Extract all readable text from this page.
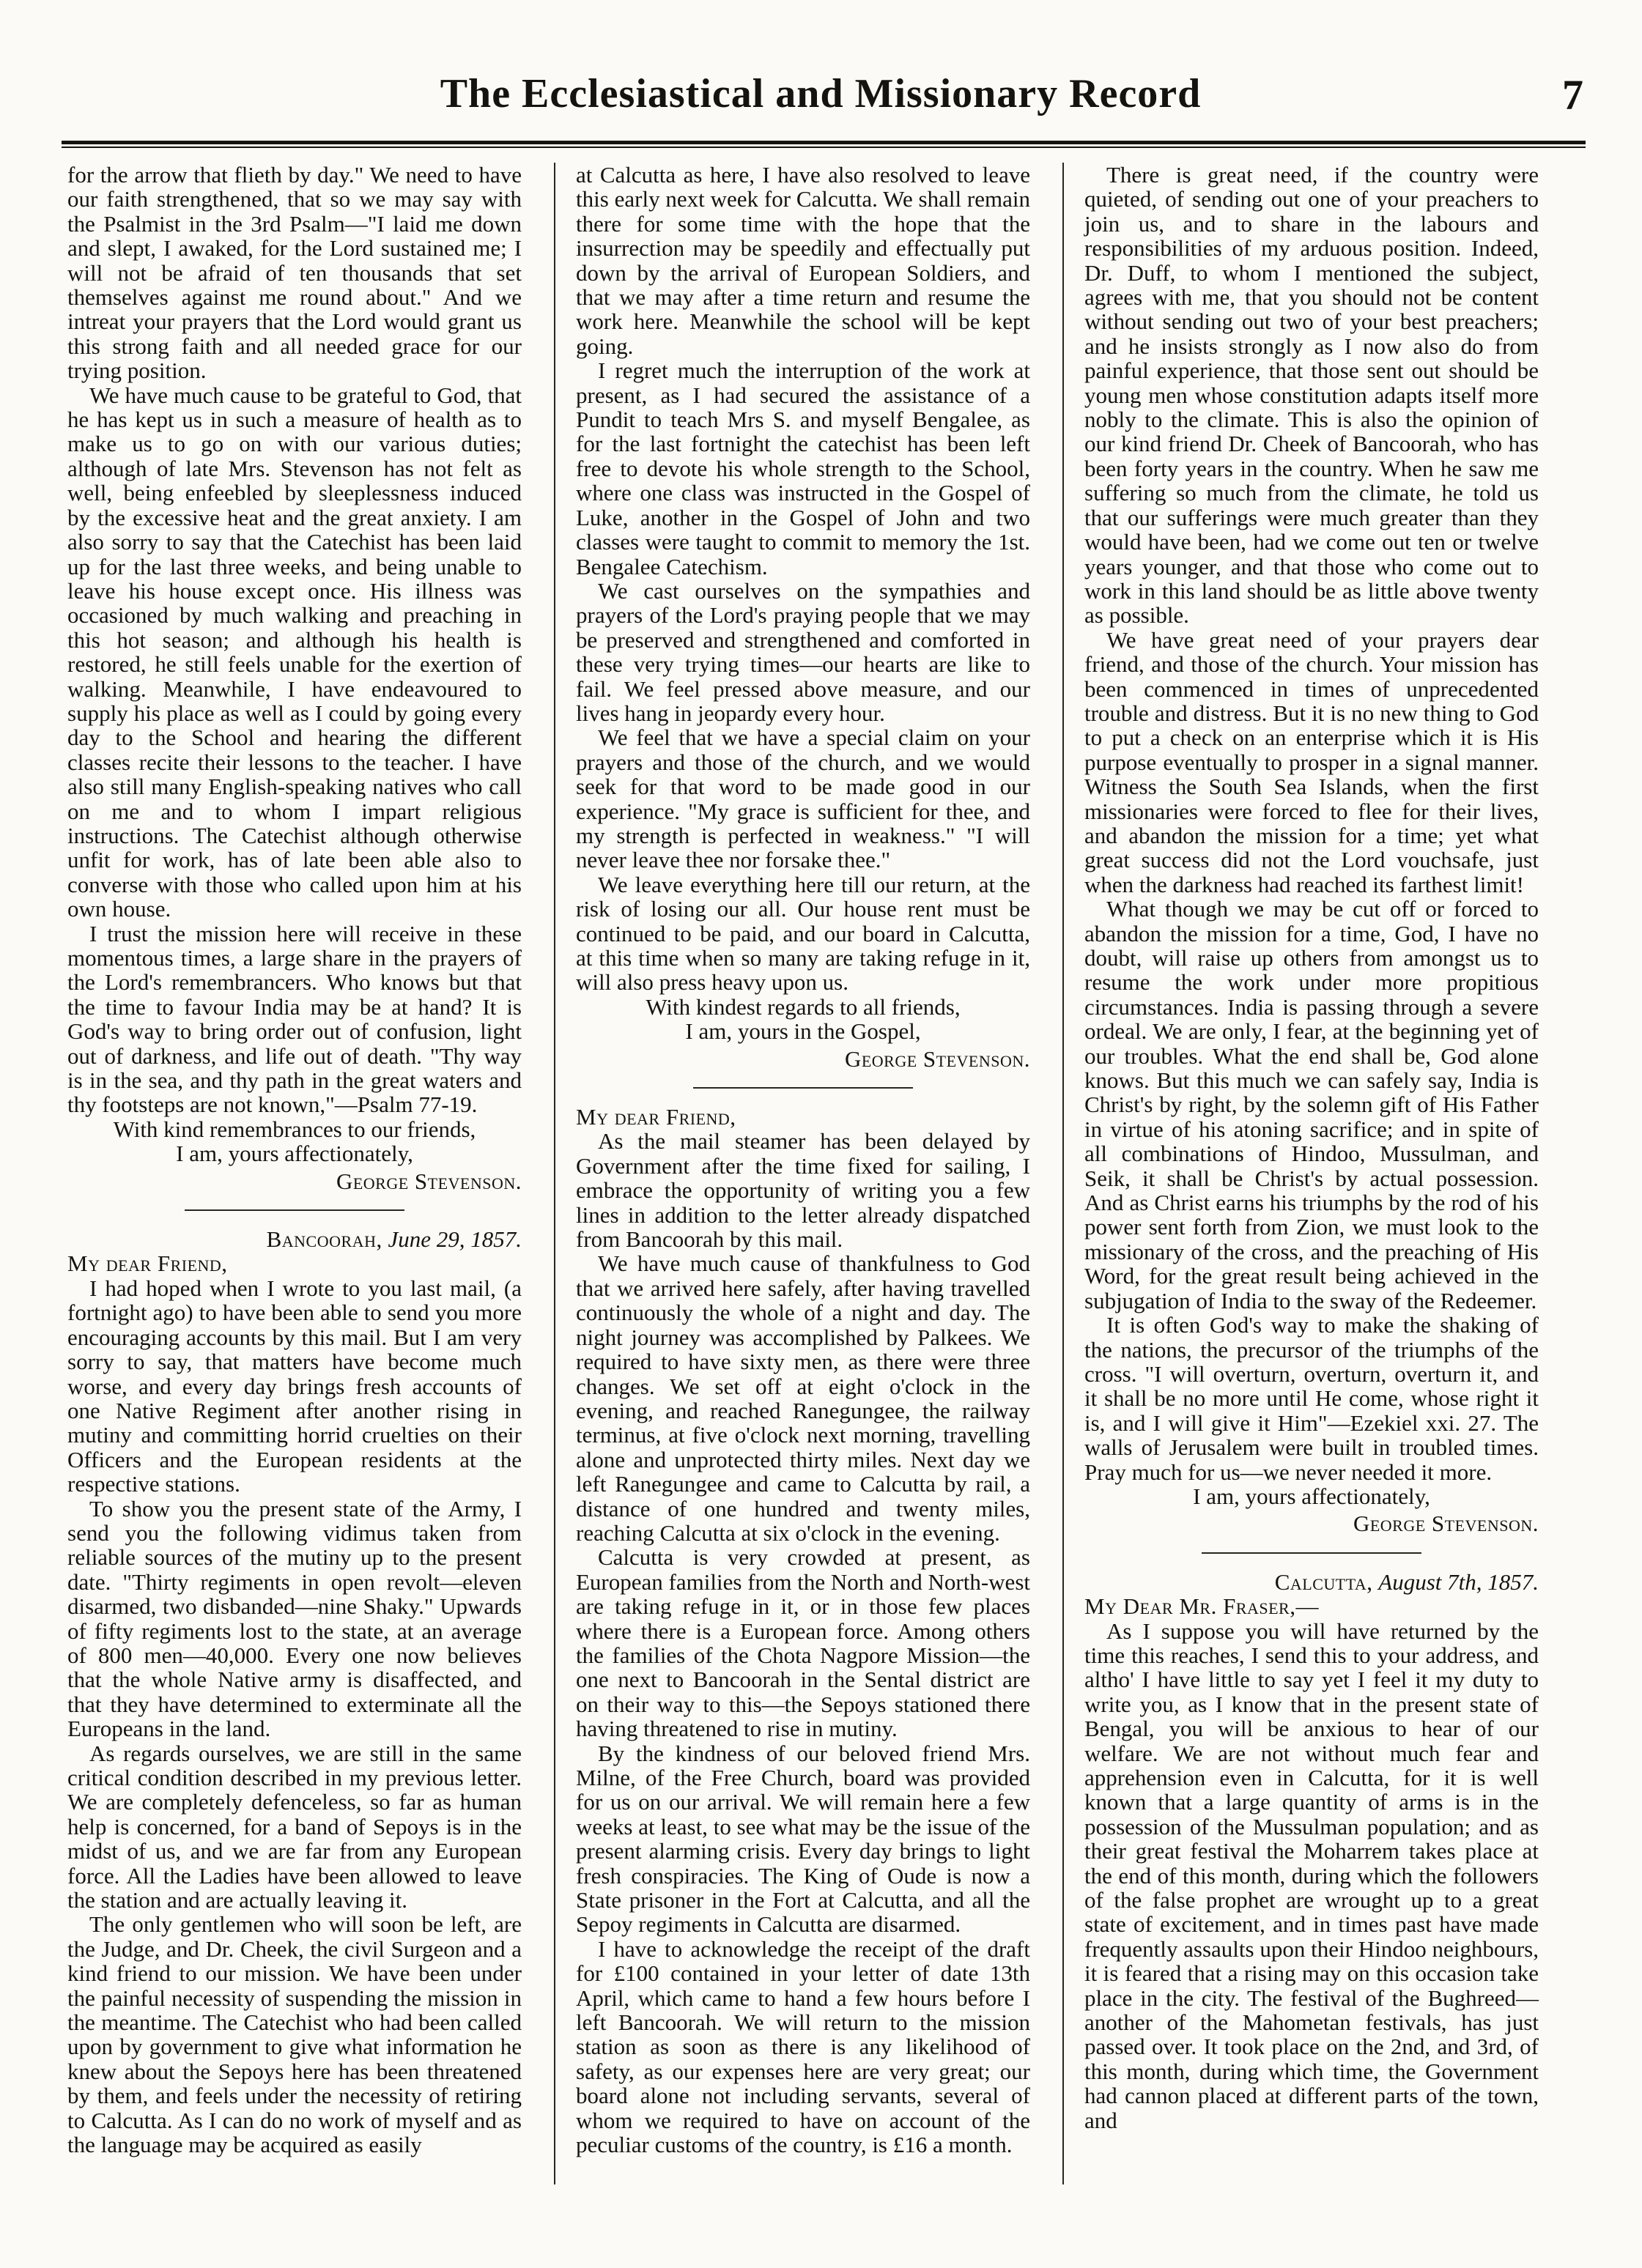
The Ecclesiastical and Missionary Record	7

for the arrow that flieth by day." We need to have our faith strengthened, that so we may say with the Psalmist in the 3rd Psalm—"I laid me down and slept, I awaked, for the Lord sustained me; I will not be afraid of ten thousands that set themselves against me round about." And we intreat your prayers that the Lord would grant us this strong faith and all needed grace for our trying position.

We have much cause to be grateful to God, that he has kept us in such a measure of health as to make us to go on with our various duties; although of late Mrs. Stevenson has not felt as well, being enfeebled by sleeplessness induced by the excessive heat and the great anxiety. I am also sorry to say that the Catechist has been laid up for the last three weeks, and being unable to leave his house except once. His illness was occasioned by much walking and preaching in this hot season; and although his health is restored, he still feels unable for the exertion of walking. Meanwhile, I have endeavoured to supply his place as well as I could by going every day to the School and hearing the different classes recite their lessons to the teacher. I have also still many English-speaking natives who call on me and to whom I impart religious instructions. The Catechist although otherwise unfit for work, has of late been able also to converse with those who called upon him at his own house.

I trust the mission here will receive in these momentous times, a large share in the prayers of the Lord's remembrancers. Who knows but that the time to favour India may be at hand? It is God's way to bring order out of confusion, light out of darkness, and life out of death. "Thy way is in the sea, and thy path in the great waters and thy footsteps are not known,"—Psalm 77-19.

With kind remembrances to our friends,

I am, yours affectionately,

George Stevenson.

Bancoorah, June 29, 1857.

My dear Friend,

I had hoped when I wrote to you last mail, (a fortnight ago) to have been able to send you more encouraging accounts by this mail. But I am very sorry to say, that matters have become much worse, and every day brings fresh accounts of one Native Regiment after another rising in mutiny and committing horrid cruelties on their Officers and the European residents at the respective stations.

To show you the present state of the Army, I send you the following vidimus taken from reliable sources of the mutiny up to the present date. "Thirty regiments in open revolt—eleven disarmed, two disbanded—nine Shaky." Upwards of fifty regiments lost to the state, at an average of 800 men—40,000. Every one now believes that the whole Native army is disaffected, and that they have determined to exterminate all the Europeans in the land.

As regards ourselves, we are still in the same critical condition described in my previous letter. We are completely defenceless, so far as human help is concerned, for a band of Sepoys is in the midst of us, and we are far from any European force. All the Ladies have been allowed to leave the station and are actually leaving it.

The only gentlemen who will soon be left, are the Judge, and Dr. Cheek, the civil Surgeon and a kind friend to our mission. We have been under the painful necessity of suspending the mission in the meantime. The Catechist who had been called upon by government to give what information he knew about the Sepoys here has been threatened by them, and feels under the necessity of retiring to Calcutta. As I can do no work of myself and as the language may be acquired as easily

at Calcutta as here, I have also resolved to leave this early next week for Calcutta. We shall remain there for some time with the hope that the insurrection may be speedily and effectually put down by the arrival of European Soldiers, and that we may after a time return and resume the work here. Meanwhile the school will be kept going.

I regret much the interruption of the work at present, as I had secured the assistance of a Pundit to teach Mrs S. and myself Bengalee, as for the last fortnight the catechist has been left free to devote his whole strength to the School, where one class was instructed in the Gospel of Luke, another in the Gospel of John and two classes were taught to commit to memory the 1st. Bengalee Catechism.

We cast ourselves on the sympathies and prayers of the Lord's praying people that we may be preserved and strengthened and comforted in these very trying times—our hearts are like to fail. We feel pressed above measure, and our lives hang in jeopardy every hour.

We feel that we have a special claim on your prayers and those of the church, and we would seek for that word to be made good in our experience. "My grace is sufficient for thee, and my strength is perfected in weakness." "I will never leave thee nor forsake thee."

We leave everything here till our return, at the risk of losing our all. Our house rent must be continued to be paid, and our board in Calcutta, at this time when so many are taking refuge in it, will also press heavy upon us.

With kindest regards to all friends,

I am, yours in the Gospel,

George Stevenson.

My dear Friend,

As the mail steamer has been delayed by Government after the time fixed for sailing, I embrace the opportunity of writing you a few lines in addition to the letter already dispatched from Bancoorah by this mail.

We have much cause of thankfulness to God that we arrived here safely, after having travelled continuously the whole of a night and day. The night journey was accomplished by Palkees. We required to have sixty men, as there were three changes. We set off at eight o'clock in the evening, and reached Ranegungee, the railway terminus, at five o'clock next morning, travelling alone and unprotected thirty miles. Next day we left Ranegungee and came to Calcutta by rail, a distance of one hundred and twenty miles, reaching Calcutta at six o'clock in the evening.

Calcutta is very crowded at present, as European families from the North and North-west are taking refuge in it, or in those few places where there is a European force. Among others the families of the Chota Nagpore Mission—the one next to Bancoorah in the Sental district are on their way to this—the Sepoys stationed there having threatened to rise in mutiny.

By the kindness of our beloved friend Mrs. Milne, of the Free Church, board was provided for us on our arrival. We will remain here a few weeks at least, to see what may be the issue of the present alarming crisis. Every day brings to light fresh conspiracies. The King of Oude is now a State prisoner in the Fort at Calcutta, and all the Sepoy regiments in Calcutta are disarmed.

I have to acknowledge the receipt of the draft for £100 contained in your letter of date 13th April, which came to hand a few hours before I left Bancoorah. We will return to the mission station as soon as there is any likelihood of safety, as our expenses here are very great; our board alone not including servants, several of whom we required to have on account of the peculiar customs of the country, is £16 a month.

There is great need, if the country were quieted, of sending out one of your preachers to join us, and to share in the labours and responsibilities of my arduous position. Indeed, Dr. Duff, to whom I mentioned the subject, agrees with me, that you should not be content without sending out two of your best preachers; and he insists strongly as I now also do from painful experience, that those sent out should be young men whose constitution adapts itself more nobly to the climate. This is also the opinion of our kind friend Dr. Cheek of Bancoorah, who has been forty years in the country. When he saw me suffering so much from the climate, he told us that our sufferings were much greater than they would have been, had we come out ten or twelve years younger, and that those who come out to work in this land should be as little above twenty as possible.

We have great need of your prayers dear friend, and those of the church. Your mission has been commenced in times of unprecedented trouble and distress. But it is no new thing to God to put a check on an enterprise which it is His purpose eventually to prosper in a signal manner. Witness the South Sea Islands, when the first missionaries were forced to flee for their lives, and abandon the mission for a time; yet what great success did not the Lord vouchsafe, just when the darkness had reached its farthest limit!

What though we may be cut off or forced to abandon the mission for a time, God, I have no doubt, will raise up others from amongst us to resume the work under more propitious circumstances. India is passing through a severe ordeal. We are only, I fear, at the beginning yet of our troubles. What the end shall be, God alone knows. But this much we can safely say, India is Christ's by right, by the solemn gift of His Father in virtue of his atoning sacrifice; and in spite of all combinations of Hindoo, Mussulman, and Seik, it shall be Christ's by actual possession. And as Christ earns his triumphs by the rod of his power sent forth from Zion, we must look to the missionary of the cross, and the preaching of His Word, for the great result being achieved in the subjugation of India to the sway of the Redeemer.

It is often God's way to make the shaking of the nations, the precursor of the triumphs of the cross. "I will overturn, overturn, overturn it, and it shall be no more until He come, whose right it is, and I will give it Him"—Ezekiel xxi. 27. The walls of Jerusalem were built in troubled times. Pray much for us—we never needed it more.

I am, yours affectionately,

George Stevenson.

Calcutta, August 7th, 1857.

My Dear Mr. Fraser,—

As I suppose you will have returned by the time this reaches, I send this to your address, and altho' I have little to say yet I feel it my duty to write you, as I know that in the present state of Bengal, you will be anxious to hear of our welfare. We are not without much fear and apprehension even in Calcutta, for it is well known that a large quantity of arms is in the possession of the Mussulman population; and as their great festival the Moharrem takes place at the end of this month, during which the followers of the false prophet are wrought up to a great state of excitement, and in times past have made frequently assaults upon their Hindoo neighbours, it is feared that a rising may on this occasion take place in the city. The festival of the Bughreed—another of the Mahometan festivals, has just passed over. It took place on the 2nd, and 3rd, of this month, during which time, the Government had cannon placed at different parts of the town, and
